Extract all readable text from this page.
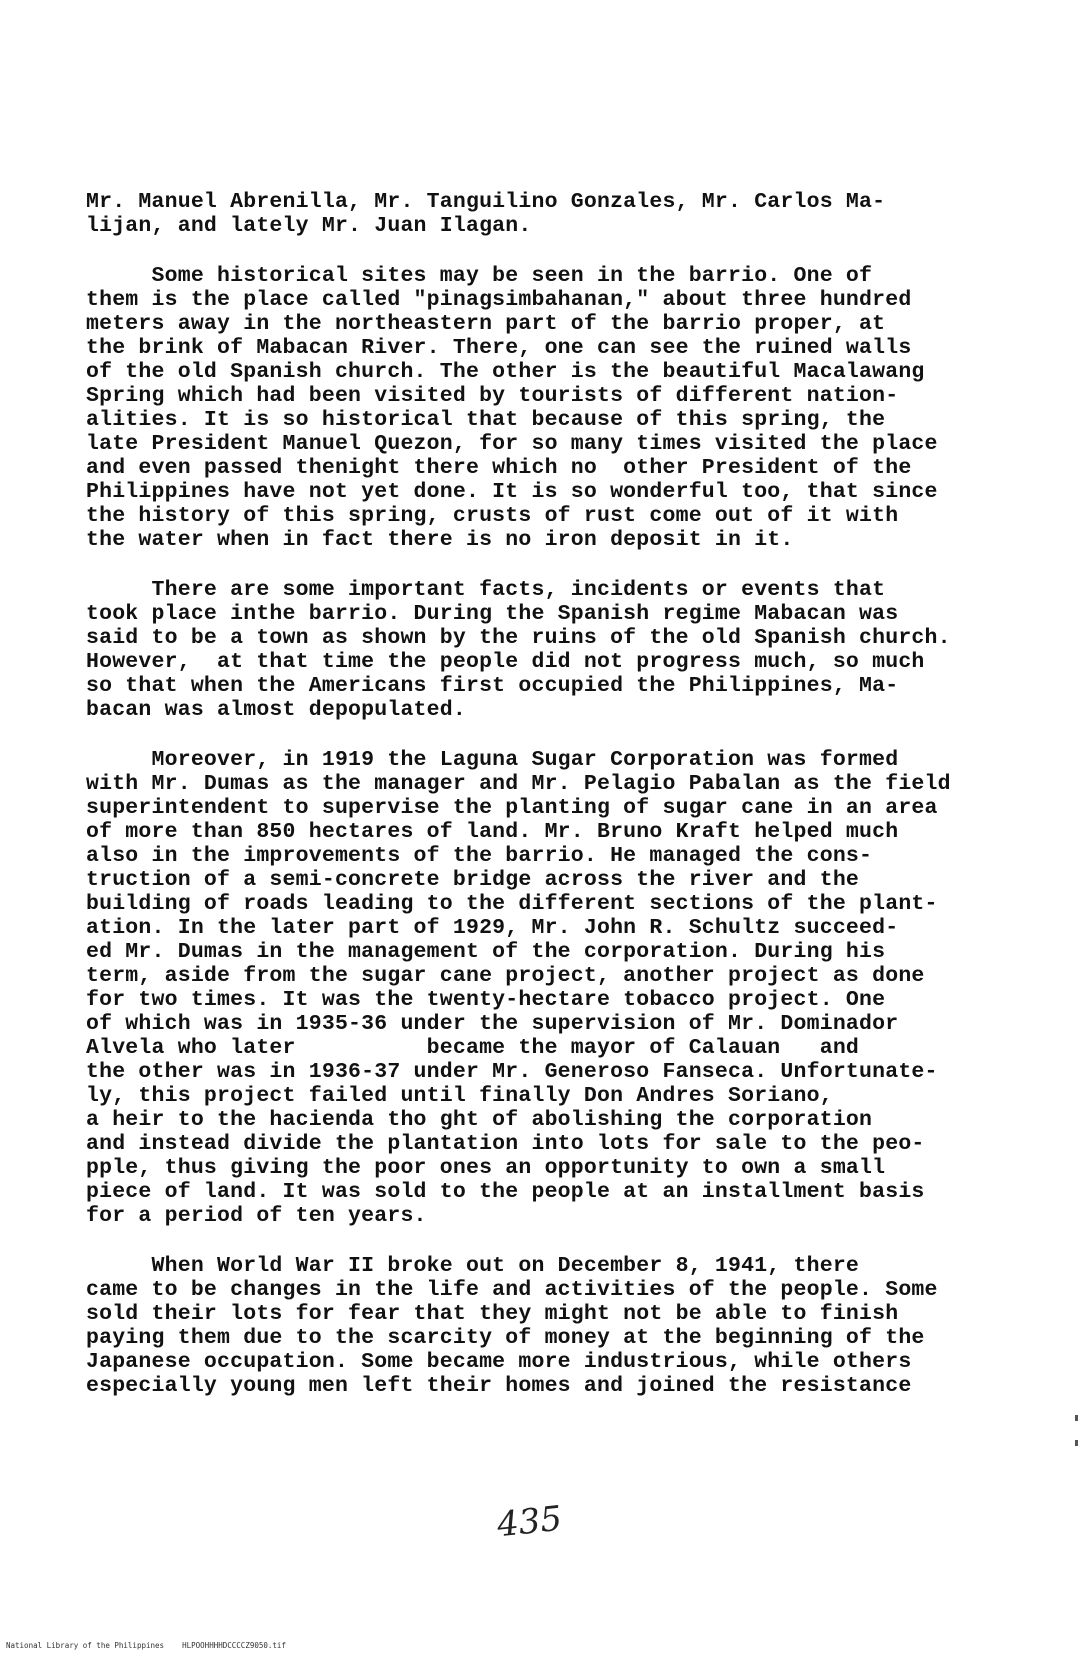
Mr. Manuel Abrenilla, Mr. Tanguilino Gonzales, Mr. Carlos Ma-
lijan, and lately Mr. Juan Ilagan.
Some historical sites may be seen in the barrio. One of
them is the place called "pinagsimbahanan," about three hundred
meters away in the northeastern part of the barrio proper, at
the brink of Mabacan River. There, one can see the ruined walls
of the old Spanish church. The other is the beautiful Macalawang
Spring which had been visited by tourists of different nation-
alities. It is so historical that because of this spring, the
late President Manuel Quezon, for so many times visited the place
and even passed thenight there which no  other President of the
Philippines have not yet done. It is so wonderful too, that since
the history of this spring, crusts of rust come out of it with
the water when in fact there is no iron deposit in it.
There are some important facts, incidents or events that
took place inthe barrio. During the Spanish regime Mabacan was
said to be a town as shown by the ruins of the old Spanish church.
However,  at that time the people did not progress much, so much
so that when the Americans first occupied the Philippines, Ma-
bacan was almost depopulated.
Moreover, in 1919 the Laguna Sugar Corporation was formed
with Mr. Dumas as the manager and Mr. Pelagio Pabalan as the field
superintendent to supervise the planting of sugar cane in an area
of more than 850 hectares of land. Mr. Bruno Kraft helped much
also in the improvements of the barrio. He managed the cons-
truction of a semi-concrete bridge across the river and the
building of roads leading to the different sections of the plant-
ation. In the later part of 1929, Mr. John R. Schultz succeed-
ed Mr. Dumas in the management of the corporation. During his
term, aside from the sugar cane project, another project as done
for two times. It was the twenty-hectare tobacco project. One
of which was in 1935-36 under the supervision of Mr. Dominador
Alvela who later          became the mayor of Calauan   and
the other was in 1936-37 under Mr. Generoso Fanseca. Unfortunate-
ly, this project failed until finally Don Andres Soriano,
a heir to the hacienda tho ght of abolishing the corporation
and instead divide the plantation into lots for sale to the peo-
pple, thus giving the poor ones an opportunity to own a small
piece of land. It was sold to the people at an installment basis
for a period of ten years.
When World War II broke out on December 8, 1941, there
came to be changes in the life and activities of the people. Some
sold their lots for fear that they might not be able to finish
paying them due to the scarcity of money at the beginning of the
Japanese occupation. Some became more industrious, while others
especially young men left their homes and joined the resistance
435
National Library of the Philippines    HLPOOHHHHDCCCCZ9050.tif
